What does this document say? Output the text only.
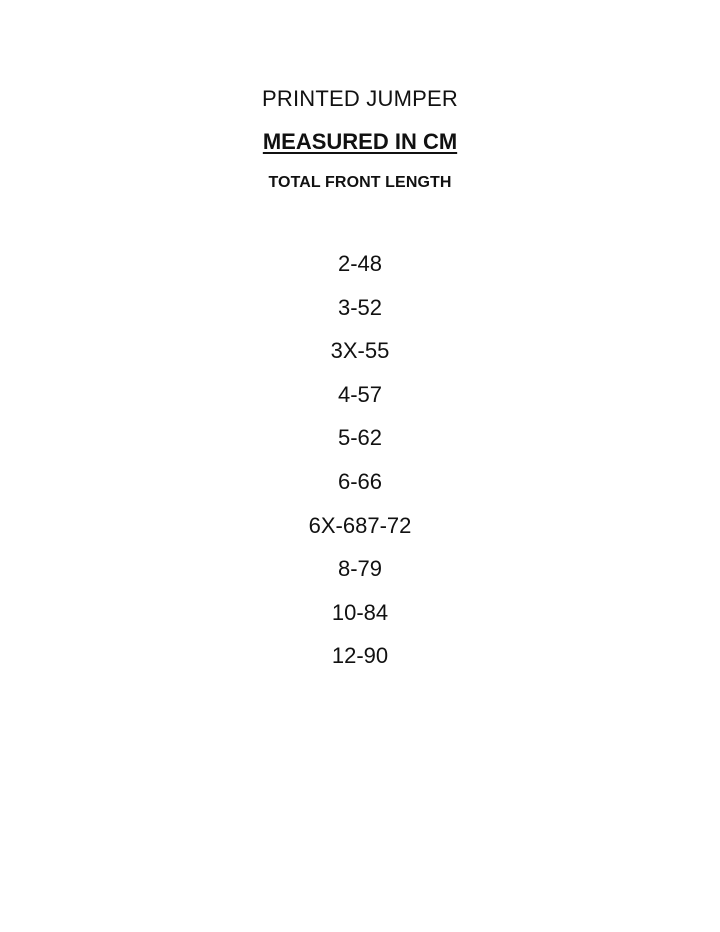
PRINTED JUMPER
MEASURED IN CM
TOTAL FRONT LENGTH
2-48
3-52
3X-55
4-57
5-62
6-66
6X-687-72
8-79
10-84
12-90
